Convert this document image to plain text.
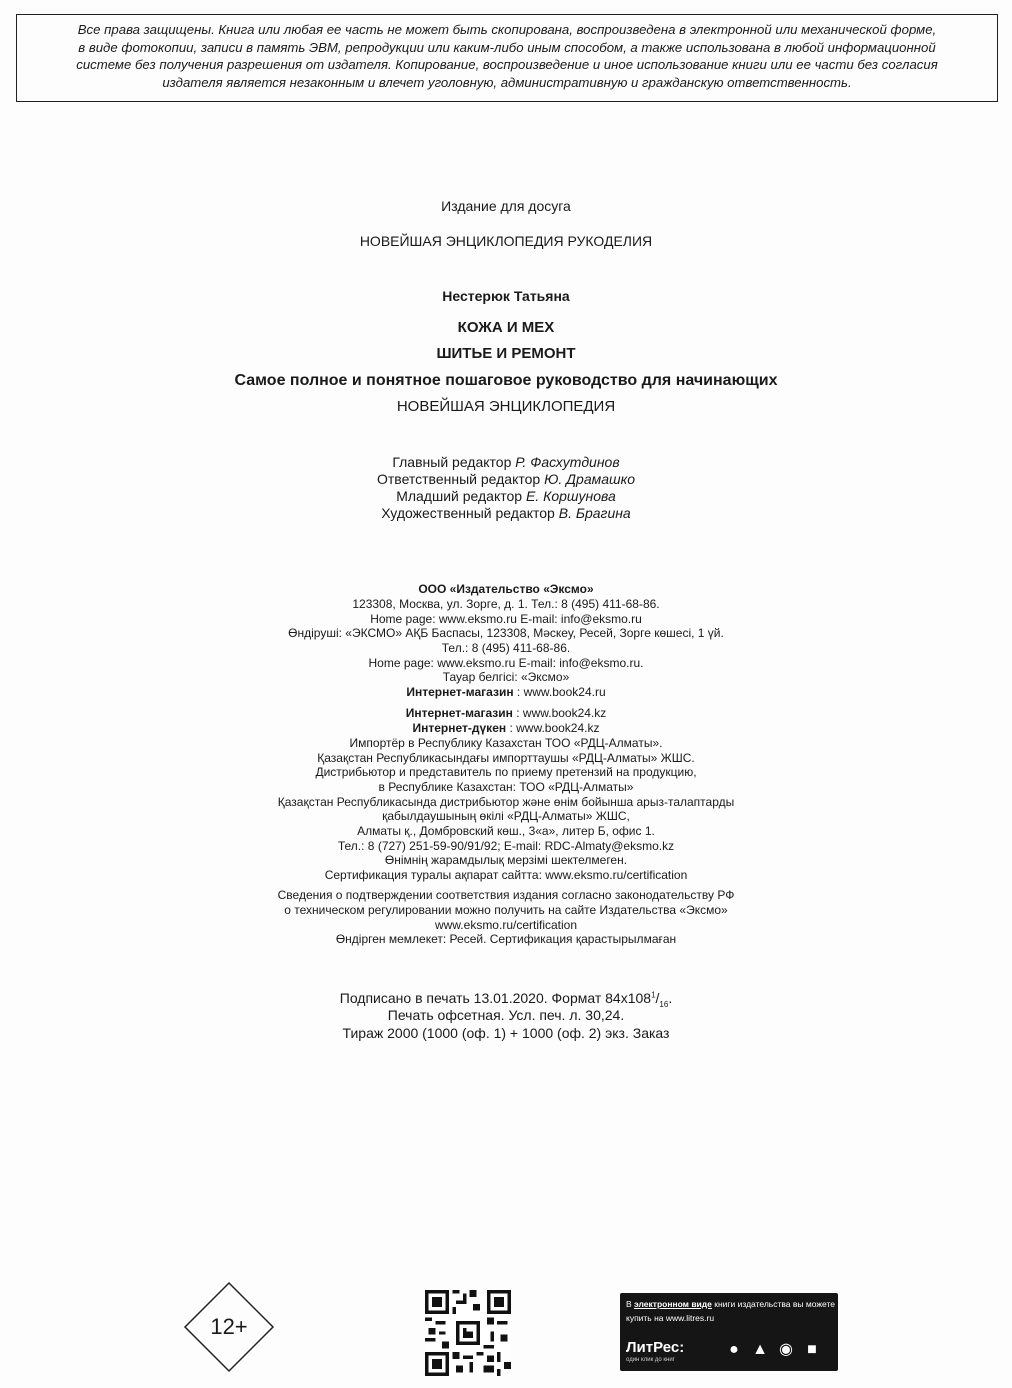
Все права защищены. Книга или любая ее часть не может быть скопирована, воспроизведена в электронной или механической форме,
в виде фотокопии, записи в память ЭВМ, репродукции или каким-либо иным способом, а также использована в любой информационной
системе без получения разрешения от издателя. Копирование, воспроизведение и иное использование книги или ее части без согласия
издателя является незаконным и влечет уголовную, административную и гражданскую ответственность.
Издание для досуга
НОВЕЙШАЯ ЭНЦИКЛОПЕДИЯ РУКОДЕЛИЯ
Нестерюк Татьяна
КОЖА И МЕХ
ШИТЬЕ И РЕМОНТ
Самое полное и понятное пошаговое руководство для начинающих
НОВЕЙШАЯ ЭНЦИКЛОПЕДИЯ
Главный редактор Р. Фасхутдинов
Ответственный редактор Ю. Драмашко
Младший редактор Е. Коршунова
Художественный редактор В. Брагина
ООО «Издательство «Эксмо»
123308, Москва, ул. Зорге, д. 1. Тел.: 8 (495) 411-68-86.
Home page: www.eksmo.ru E-mail: info@eksmo.ru
Өндіруші: «ЭКСМО» АҚБ Баспасы, 123308, Мәскеу, Ресей, Зорге көшесі, 1 үй.
Тел.: 8 (495) 411-68-86.
Home page: www.eksmo.ru E-mail: info@eksmo.ru.
Тауар белгісі: «Эксмо»
Интернет-магазин : www.book24.ru
Интернет-магазин : www.book24.kz
Интернет-дүкен : www.book24.kz
Импортёр в Республику Казахстан ТОО «РДЦ-Алматы».
Қазақстан Республикасындағы импорттаушы «РДЦ-Алматы» ЖШС.
Дистрибьютор и представитель по приему претензий на продукцию,
в Республике Казахстан: ТОО «РДЦ-Алматы»
Қазақстан Республикасында дистрибьютор және өнім бойынша арыз-талаптарды
қабылдаушының өкілі «РДЦ-Алматы» ЖШС,
Алматы қ., Домбровский көш., 3«а», литер Б, офис 1.
Тел.: 8 (727) 251-59-90/91/92; E-mail: RDC-Almaty@eksmo.kz
Өнімнің жарамдылық мерзімі шектелмеген.
Сертификация туралы ақпарат сайтта: www.eksmo.ru/certification
Сведения о подтверждении соответствия издания согласно законодательству РФ
о техническом регулировании можно получить на сайте Издательства «Эксмо»
www.eksmo.ru/certification
Өндірген мемлекет: Ресей. Сертификация қарастырылмаған
Подписано в печать 13.01.2020. Формат $84х108^1/_{16}$.
Печать офсетная. Усл. печ. л. 30,24.
Тираж 2000 (1000 (оф. 1) + 1000 (оф. 2) экз. Заказ
12+
В электронном виде книги издательства вы можете
купить на www.litres.ru
ЛитРес:
один клик до книг
● ▲ ◉ ■
